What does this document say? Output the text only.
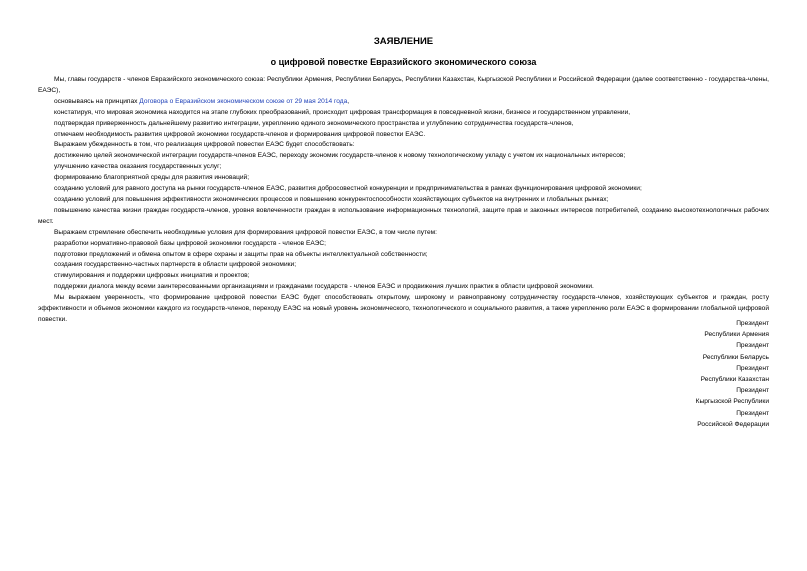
ЗАЯВЛЕНИЕ

о цифровой повестке Евразийского экономического союза

Мы, главы государств - членов Евразийского экономического союза: Республики Армения, Республики Беларусь, Республики Казахстан, Кыргызской Республики и Российской Федерации (далее соответственно - государства-члены, ЕАЭС),

основываясь на принципах Договора о Евразийском экономическом союзе от 29 мая 2014 года,

констатируя, что мировая экономика находится на этапе глубоких преобразований, происходит цифровая трансформация в повседневной жизни, бизнесе и государственном управлении,

подтверждая приверженность дальнейшему развитию интеграции, укреплению единого экономического пространства и углублению сотрудничества государств-членов,

отмечаем необходимость развития цифровой экономики государств-членов и формирования цифровой повестки ЕАЭС.

Выражаем убежденность в том, что реализация цифровой повестки ЕАЭС будет способствовать:

достижению целей экономической интеграции государств-членов ЕАЭС, переходу экономик государств-членов к новому технологическому укладу с учетом их национальных интересов;

улучшению качества оказания государственных услуг;

формированию благоприятной среды для развития инноваций;

созданию условий для равного доступа на рынки государств-членов ЕАЭС, развития добросовестной конкуренции и предпринимательства в рамках функционирования цифровой экономики;

созданию условий для повышения эффективности экономических процессов и повышению конкурентоспособности хозяйствующих субъектов на внутренних и глобальных рынках;

повышению качества жизни граждан государств-членов, уровня вовлеченности граждан в использование информационных технологий, защите прав и законных интересов потребителей, созданию высокотехнологичных рабочих мест.

Выражаем стремление обеспечить необходимые условия для формирования цифровой повестки ЕАЭС, в том числе путем:

разработки нормативно-правовой базы цифровой экономики государств - членов ЕАЭС;

подготовки предложений и обмена опытом в сфере охраны и защиты прав на объекты интеллектуальной собственности;

создания государственно-частных партнерств в области цифровой экономики;

стимулирования и поддержки цифровых инициатив и проектов;

поддержки диалога между всеми заинтересованными организациями и гражданами государств - членов ЕАЭС и продвижения лучших практик в области цифровой экономики.

Мы выражаем уверенность, что формирование цифровой повестки ЕАЭС будет способствовать открытому, широкому и равноправному сотрудничеству государств-членов, хозяйствующих субъектов и граждан, росту эффективности и объемов экономики каждого из государств-членов, переходу ЕАЭС на новый уровень экономического, технологического и социального развития, а также укреплению роли ЕАЭС в формировании глобальной цифровой повестки.

Президент
Республики Армения
Президент
Республики Беларусь
Президент
Республики Казахстан
Президент
Кыргызской Республики
Президент
Российской Федерации
